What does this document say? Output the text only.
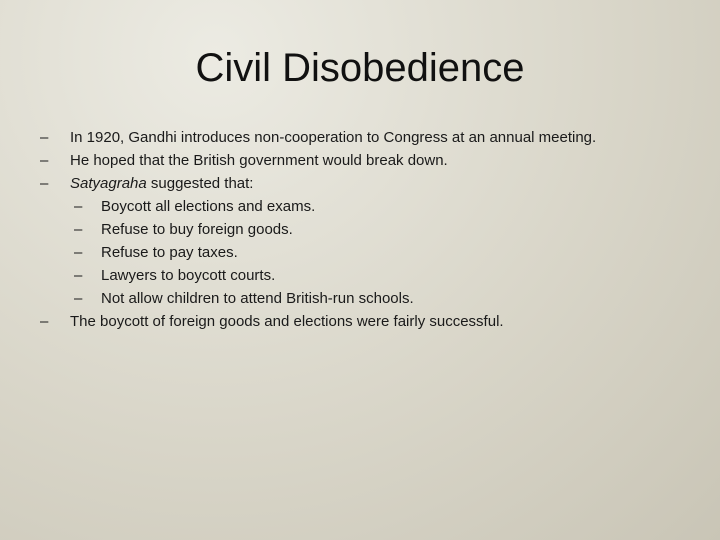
Civil Disobedience
– In 1920, Gandhi introduces non-cooperation to Congress at an annual meeting.
– He hoped that the British government would break down.
– Satyagraha suggested that:
– Boycott all elections and exams.
– Refuse to buy foreign goods.
– Refuse to pay taxes.
– Lawyers to boycott courts.
– Not allow children to attend British-run schools.
– The boycott of foreign goods and elections were fairly successful.
